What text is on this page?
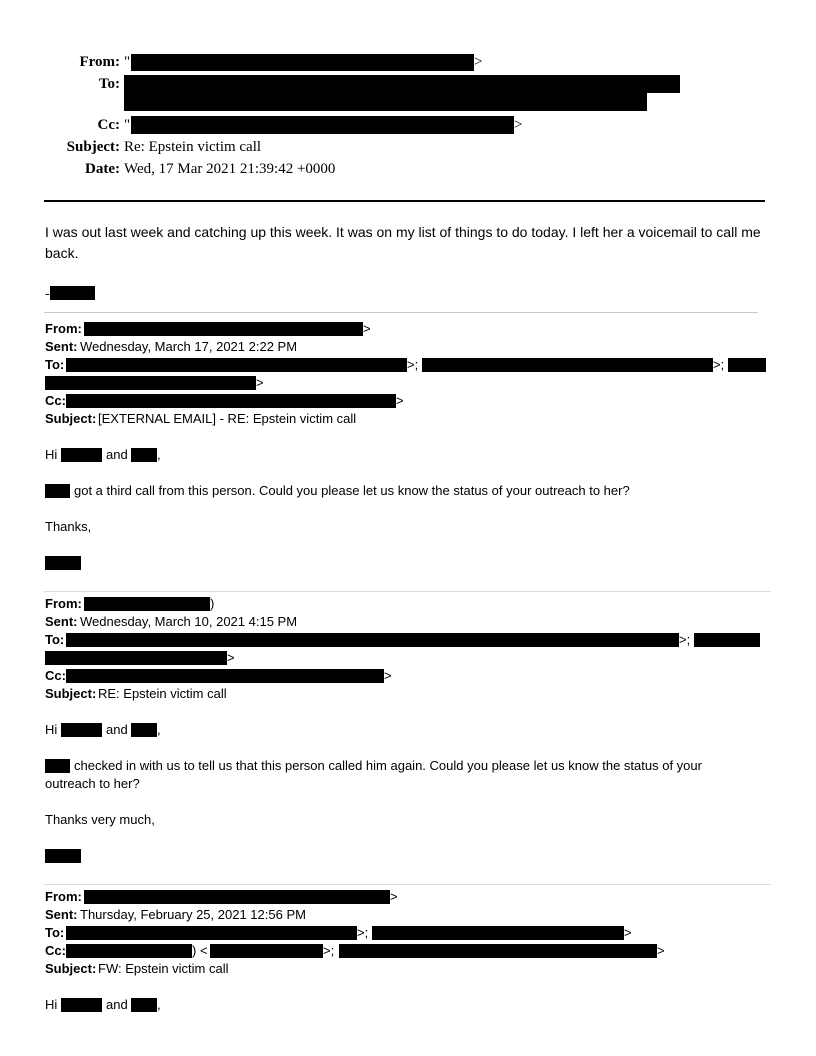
From: "	>
To:
Cc: "	>
Subject: Re: Epstein victim call
Date: Wed, 17 Mar 2021 21:39:42 +0000
I was out last week and catching up this week. It was on my list of things to do today. I left her a voicemail to call me back.
-
From:	>
Sent: Wednesday, March 17, 2021 2:22 PM
To:	>;	>;
>
Cc:	>
Subject: [EXTERNAL EMAIL] - RE: Epstein victim call
Hi	and ,
got a third call from this person. Could you please let us know the status of your outreach to her?
Thanks,
From:	)
Sent: Wednesday, March 10, 2021 4:15 PM
To:	>;
>
Cc:	>
Subject: RE: Epstein victim call
Hi	and ,
checked in with us to tell us that this person called him again. Could you please let us know the status of your
outreach to her?
Thanks very much,
From:	>
Sent: Thursday, February 25, 2021 12:56 PM
To:	>;	>
Cc:	) <	>;	>
Subject: FW: Epstein victim call
Hi	and ,
